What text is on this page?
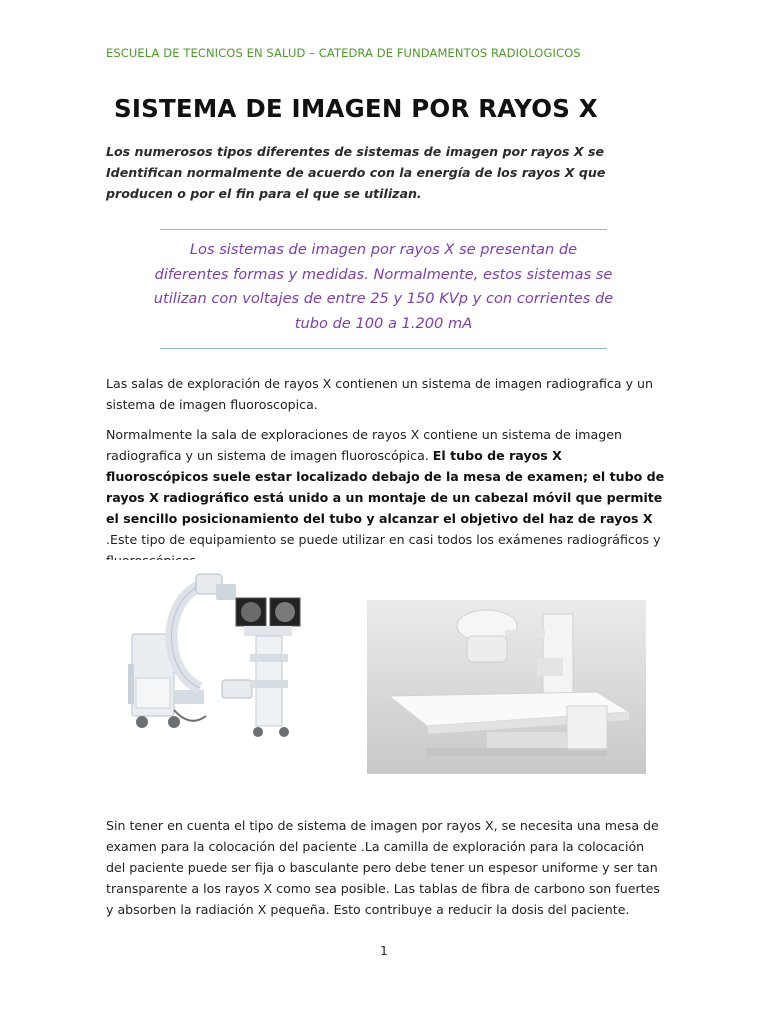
ESCUELA DE TECNICOS EN SALUD – CATEDRA DE FUNDAMENTOS RADIOLOGICOS
SISTEMA DE IMAGEN POR RAYOS X
Los numerosos tipos diferentes de sistemas de imagen por rayos X se Identifican normalmente de acuerdo con la energía de los rayos X que producen o por el fin para el que se utilizan.
Los sistemas de imagen por rayos X se presentan de diferentes formas y medidas. Normalmente, estos sistemas se utilizan con voltajes de entre 25 y 150 KVp y con corrientes de tubo de 100 a 1.200 mA
Las salas de exploración de rayos X contienen un sistema de imagen radiografica y un sistema de imagen fluoroscopica.
Normalmente la sala de exploraciones de rayos X contiene un sistema de imagen radiografica y un sistema de imagen fluoroscópica. El tubo de rayos X fluoroscópicos suele estar localizado debajo de la mesa de examen; el tubo de rayos X radiográfico está unido a un montaje de un cabezal móvil que permite el sencillo posicionamiento del tubo y alcanzar el objetivo del haz de rayos X .Este tipo de equipamiento se puede utilizar en casi todos los exámenes radiográficos y
Sin tener en cuenta el tipo de sistema de imagen por rayos X, se necesita una mesa de examen para la colocación del paciente .La camilla de exploración para la colocación del paciente puede ser fija o basculante pero debe tener un espesor uniforme y ser tan transparente a los rayos X como sea posible. Las tablas de fibra de carbono son fuertes y absorben la radiación X pequeña. Esto contribuye a reducir la dosis del paciente.
1
